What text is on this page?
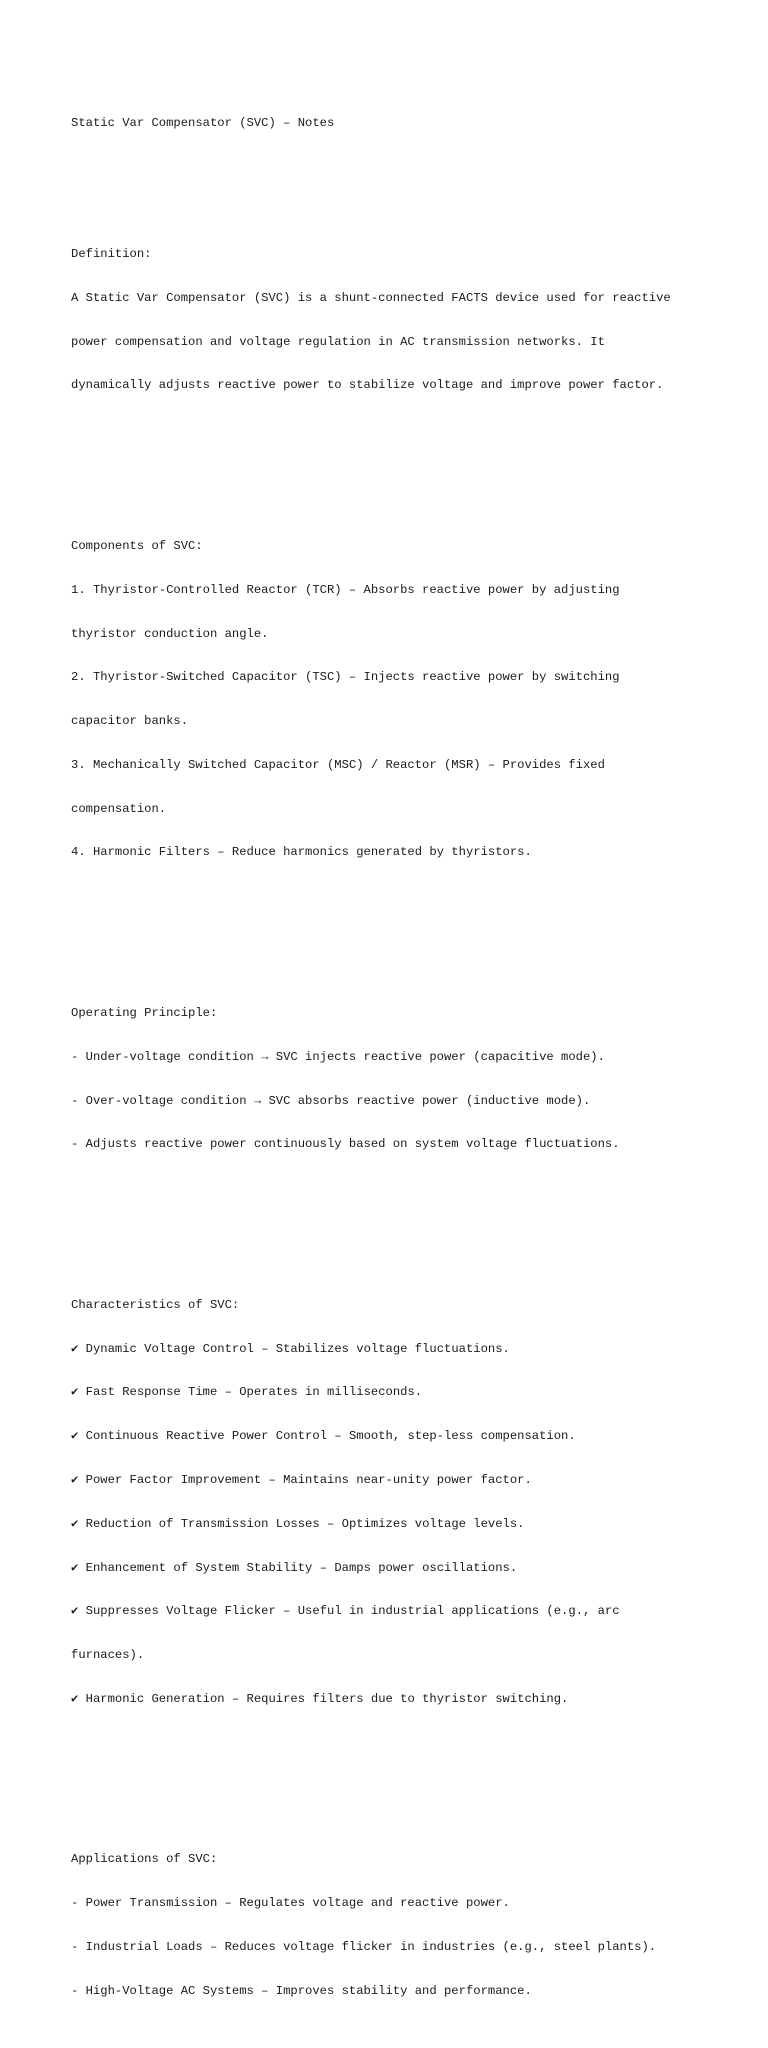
Static Var Compensator (SVC) – Notes

Definition:

A Static Var Compensator (SVC) is a shunt-connected FACTS device used for reactive

power compensation and voltage regulation in AC transmission networks. It

dynamically adjusts reactive power to stabilize voltage and improve power factor.

Components of SVC:

1. Thyristor-Controlled Reactor (TCR) – Absorbs reactive power by adjusting

thyristor conduction angle.

2. Thyristor-Switched Capacitor (TSC) – Injects reactive power by switching

capacitor banks.

3. Mechanically Switched Capacitor (MSC) / Reactor (MSR) – Provides fixed

compensation.

4. Harmonic Filters – Reduce harmonics generated by thyristors.

Operating Principle:

- Under-voltage condition → SVC injects reactive power (capacitive mode).

- Over-voltage condition → SVC absorbs reactive power (inductive mode).

- Adjusts reactive power continuously based on system voltage fluctuations.

Characteristics of SVC:

✔ Dynamic Voltage Control – Stabilizes voltage fluctuations.

✔ Fast Response Time – Operates in milliseconds.

✔ Continuous Reactive Power Control – Smooth, step-less compensation.

✔ Power Factor Improvement – Maintains near-unity power factor.

✔ Reduction of Transmission Losses – Optimizes voltage levels.

✔ Enhancement of System Stability – Damps power oscillations.

✔ Suppresses Voltage Flicker – Useful in industrial applications (e.g., arc

furnaces).

✔ Harmonic Generation – Requires filters due to thyristor switching.

Applications of SVC:

- Power Transmission – Regulates voltage and reactive power.

- Industrial Loads – Reduces voltage flicker in industries (e.g., steel plants).

- High-Voltage AC Systems – Improves stability and performance.
